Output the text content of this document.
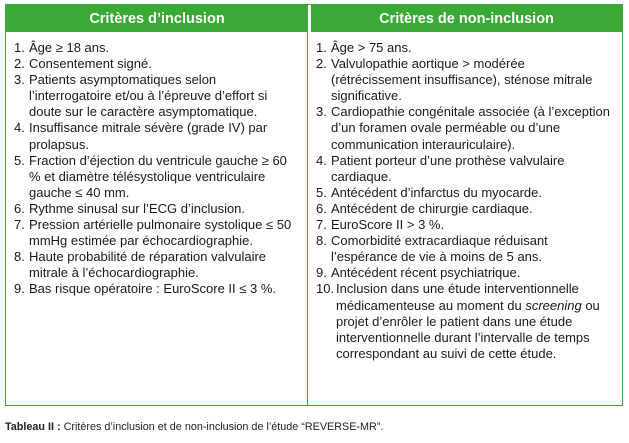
Critères d’inclusion	Critères de non-inclusion
1. Âge ≥ 18 ans.
2. Consentement signé.
3. Patients asymptomatiques selon l’interrogatoire et/ou à l’épreuve d’effort si doute sur le caractère asymptomatique.
4. Insuffisance mitrale sévère (grade IV) par prolapsus.
5. Fraction d’éjection du ventricule gauche ≥ 60 % et diamètre télésystolique ventriculaire gauche ≤ 40 mm.
6. Rythme sinusal sur l’ECG d’inclusion.
7. Pression artérielle pulmonaire systolique ≤ 50 mmHg estimée par échocardiographie.
8. Haute probabilité de réparation valvulaire mitrale à l’échocardiographie.
9. Bas risque opératoire : EuroScore II ≤ 3 %.
1. Âge > 75 ans.
2. Valvulopathie aortique > modérée (rétrécissement insuffisance), sténose mitrale significative.
3. Cardiopathie congénitale associée (à l’exception d’un foramen ovale perméable ou d’une communication interauriculaire).
4. Patient porteur d’une prothèse valvulaire cardiaque.
5. Antécédent d’infarctus du myocarde.
6. Antécédent de chirurgie cardiaque.
7. EuroScore II > 3 %.
8. Comorbidité extracardiaque réduisant l’espérance de vie à moins de 5 ans.
9. Antécédent récent psychiatrique.
10. Inclusion dans une étude interventionnelle médicamenteuse au moment du screening ou projet d’enrôler le patient dans une étude interventionnelle durant l’intervalle de temps correspondant au suivi de cette étude.
Tableau II : Critères d’inclusion et de non-inclusion de l’étude “REVERSE-MR”.
